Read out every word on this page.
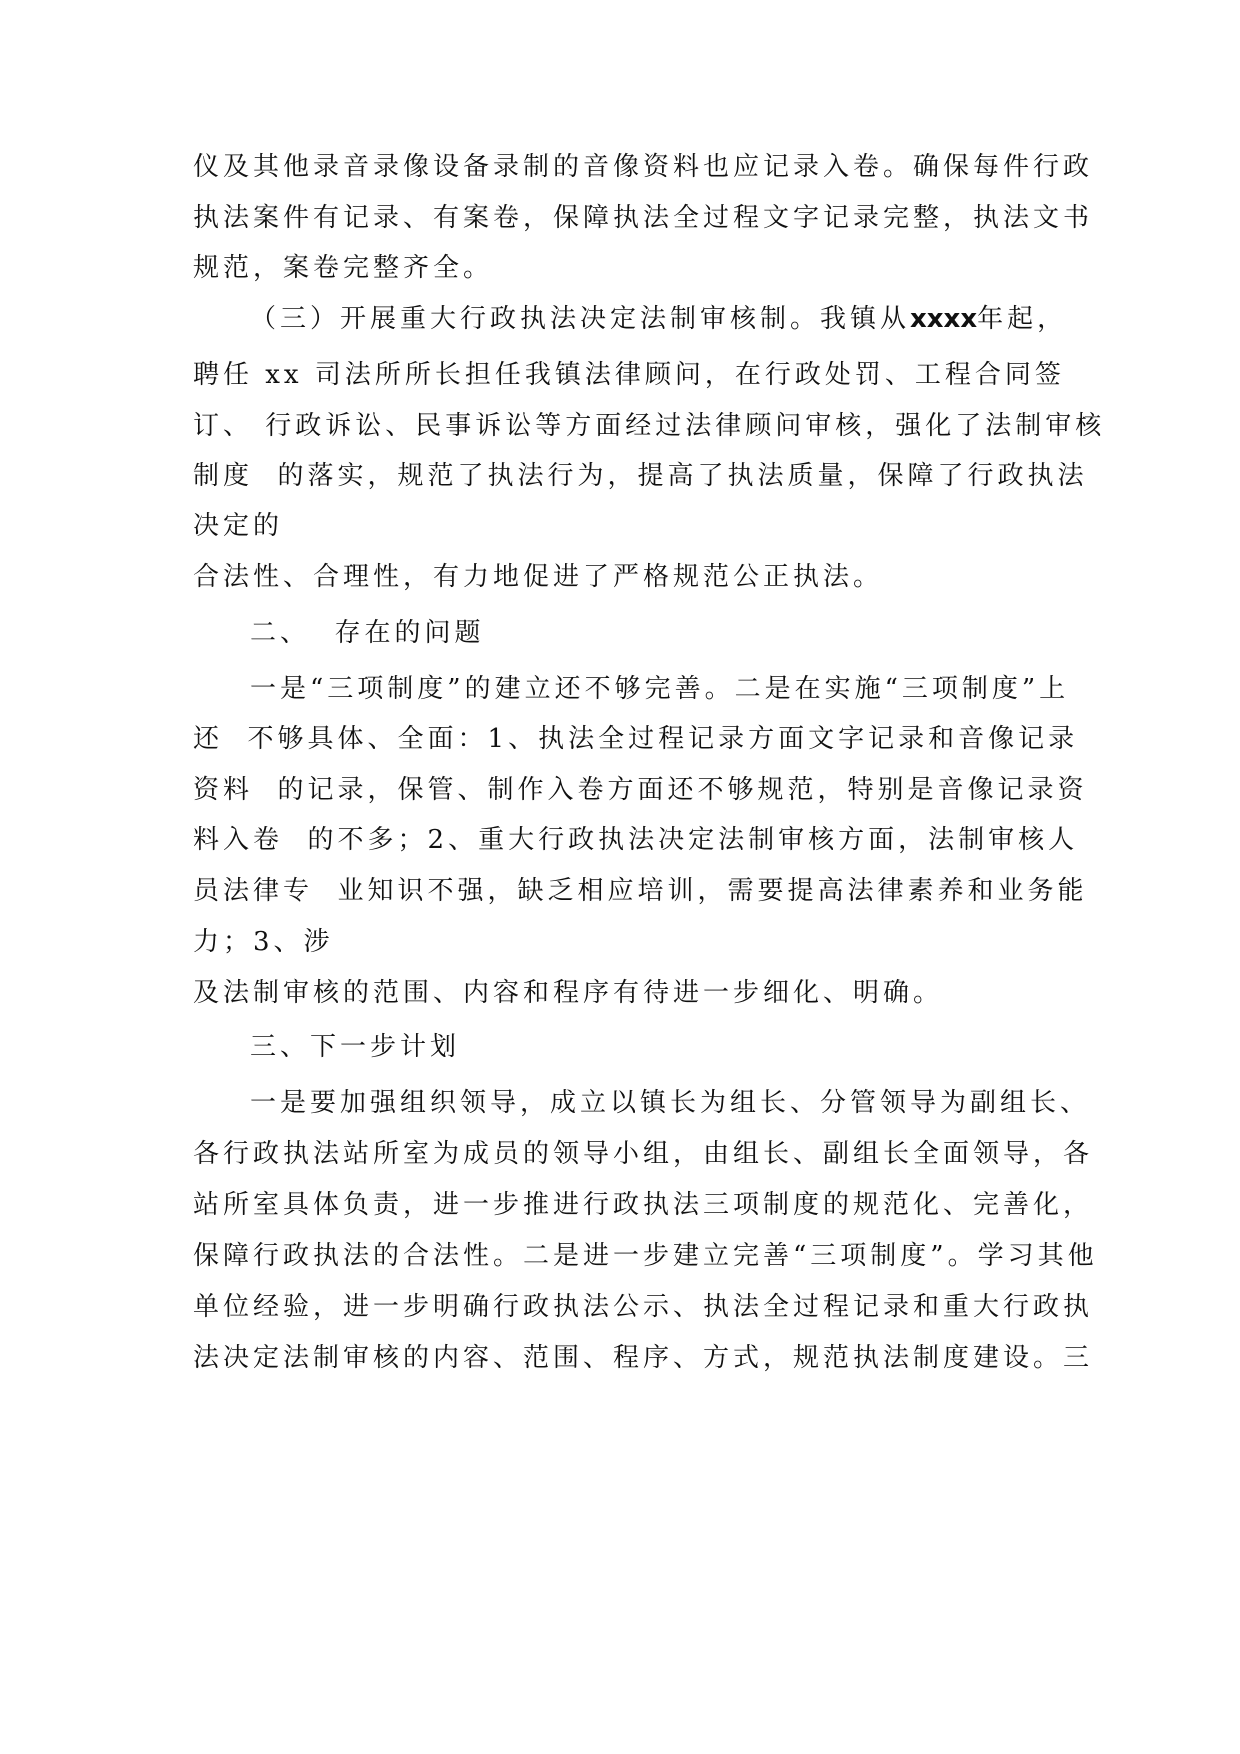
仪及其他录音录像设备录制的音像资料也应记录入卷。确保每件行政
执法案件有记录、有案卷，保障执法全过程文字记录完整，执法文书
规范，案卷完整齐全。
（三）开展重大行政执法决定法制审核制。我镇从xxxx年起，
聘任 xx 司法所所长担任我镇法律顾问，在行政处罚、工程合同签
订、 行政诉讼、民事诉讼等方面经过法律顾问审核，强化了法制审核
制度  的落实，规范了执法行为，提高了执法质量，保障了行政执法
决定的
合法性、合理性，有力地促进了严格规范公正执法。
二、  存在的问题
一是“三项制度”的建立还不够完善。二是在实施“三项制度”上
还  不够具体、全面：1、执法全过程记录方面文字记录和音像记录
资料  的记录，保管、制作入卷方面还不够规范，特别是音像记录资
料入卷  的不多；2、重大行政执法决定法制审核方面，法制审核人
员法律专  业知识不强，缺乏相应培训，需要提高法律素养和业务能
力；3、涉
及法制审核的范围、内容和程序有待进一步细化、明确。
三、下一步计划
一是要加强组织领导，成立以镇长为组长、分管领导为副组长、
各行政执法站所室为成员的领导小组，由组长、副组长全面领导，各
站所室具体负责，进一步推进行政执法三项制度的规范化、完善化，
保障行政执法的合法性。二是进一步建立完善“三项制度”。学习其他
单位经验，进一步明确行政执法公示、执法全过程记录和重大行政执
法决定法制审核的内容、范围、程序、方式，规范执法制度建设。三
